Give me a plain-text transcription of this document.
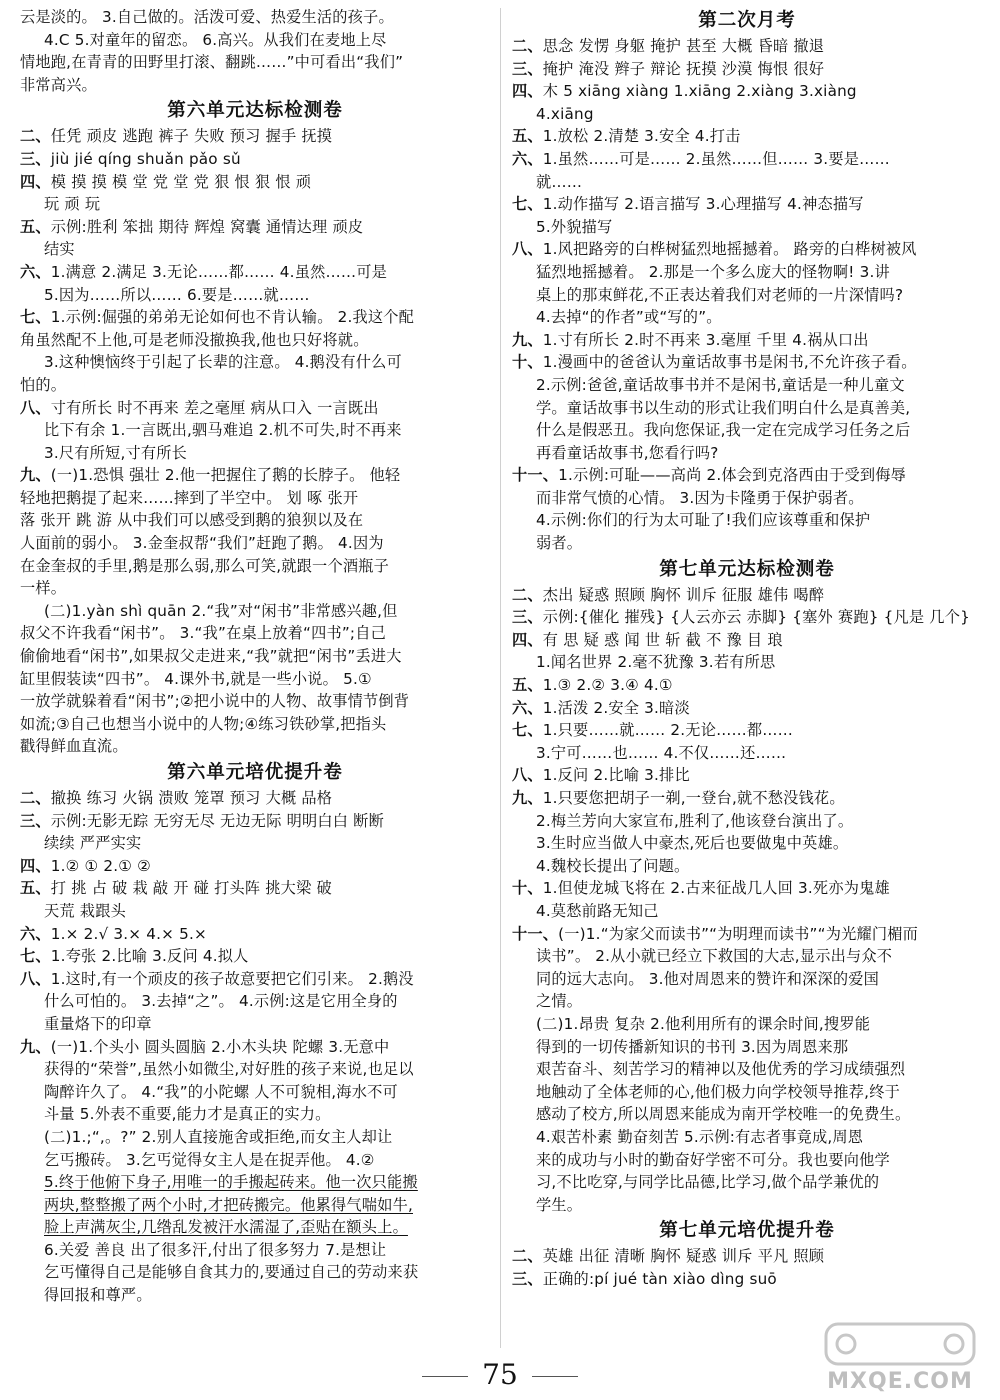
云是淡的。 3.自己做的。活泼可爱、热爱生活的孩子。
4.C 5.对童年的留恋。 6.高兴。从我们在麦地上尽
情地跑,在青青的田野里打滚、翻跳……”中可看出“我们”
非常高兴。
第六单元达标检测卷
二、任凭 顽皮 逃跑 裤子 失败 预习 握手 抚摸
三、jiù jié qíng shuǎn pǎo sǔ
四、模 摸 摸 模 堂 党 堂 党 狠 恨 狠 恨 顽
玩 顽 玩
五、示例:胜利 笨拙 期待 辉煌 窝囊 通情达理 顽皮
结实
六、1.满意 2.满足 3.无论……都…… 4.虽然……可是
5.因为……所以…… 6.要是……就……
七、1.示例:倔强的弟弟无论如何也不肯认输。 2.我这个配
角虽然配不上他,可是老师没撤换我,他也只好将就。
3.这种懊恼终于引起了长辈的注意。 4.鹅没有什么可
怕的。
八、寸有所长 时不再来 差之毫厘 病从口入 一言既出
比下有余 1.一言既出,驷马难追 2.机不可失,时不再来
3.尺有所短,寸有所长
九、(一)1.恐惧 强壮 2.他一把握住了鹅的长脖子。 他轻
轻地把鹅提了起来……摔到了半空中。 划 啄 张开
落 张开 跳 游 从中我们可以感受到鹅的狼狈以及在
人面前的弱小。 3.金奎叔帮“我们”赶跑了鹅。 4.因为
在金奎叔的手里,鹅是那么弱,那么可笑,就跟一个酒瓶子
一样。
(二)1.yàn shì quān 2.“我”对“闲书”非常感兴趣,但
叔父不许我看“闲书”。 3.“我”在桌上放着“四书”;自己
偷偷地看“闲书”,如果叔父走进来,“我”就把“闲书”丢进大
缸里假装读“四书”。 4.课外书,就是一些小说。 5.①
一放学就躲着看“闲书”;②把小说中的人物、故事情节倒背
如流;③自己也想当小说中的人物;④练习铁砂掌,把指头
戳得鲜血直流。
第六单元培优提升卷
二、撤换 练习 火锅 溃败 笼罩 预习 大概 品格
三、示例:无影无踪 无穷无尽 无边无际 明明白白 断断
续续 严严实实
四、1.② ① 2.① ②
五、打 挑 占 破 栽 敲 开 碰 打头阵 挑大梁 破
天荒 栽跟头
六、1.× 2.√ 3.× 4.× 5.×
七、1.夸张 2.比喻 3.反问 4.拟人
八、1.这时,有一个顽皮的孩子故意要把它们引来。 2.鹅没
什么可怕的。 3.去掉“之”。 4.示例:这是它用全身的
重量烙下的印章
九、(一)1.个头小 圆头圆脑 2.小木头块 陀螺 3.无意中
获得的“荣誉”,虽然小如微尘,对好胜的孩子来说,也足以
陶醉许久了。 4.“我”的小陀螺 人不可貌相,海水不可
斗量 5.外表不重要,能力才是真正的实力。
(二)1.;“,。?” 2.别人直接施舍或拒绝,而女主人却让
乞丐搬砖。 3.乞丐觉得女主人是在捉弄他。 4.②
5.终于他俯下身子,用唯一的手搬起砖来。他一次只能搬
两块,整整搬了两个小时,才把砖搬完。他累得气喘如牛,
脸上声满灰尘,几绺乱发被汗水濡湿了,歪贴在额头上。
6.关爱 善良 出了很多汗,付出了很多努力 7.是想让
乞丐懂得自己是能够自食其力的,要通过自己的劳动来获
得回报和尊严。
第二次月考
二、思念 发愣 身躯 掩护 甚至 大概 昏暗 撤退
三、掩护 淹没 辫子 辩论 抚摸 沙漠 悔恨 很好
四、木 5 xiāng xiàng 1.xiāng 2.xiàng 3.xiàng
4.xiāng
五、1.放松 2.清楚 3.安全 4.打击
六、1.虽然……可是…… 2.虽然……但…… 3.要是……
就……
七、1.动作描写 2.语言描写 3.心理描写 4.神态描写
5.外貌描写
八、1.风把路旁的白桦树猛烈地摇撼着。 路旁的白桦树被风
猛烈地摇撼着。 2.那是一个多么庞大的怪物啊! 3.讲
桌上的那束鲜花,不正表达着我们对老师的一片深情吗?
4.去掉“的作者”或“写的”。
九、1.寸有所长 2.时不再来 3.毫厘 千里 4.祸从口出
十、1.漫画中的爸爸认为童话故事书是闲书,不允许孩子看。
2.示例:爸爸,童话故事书并不是闲书,童话是一种儿童文
学。童话故事书以生动的形式让我们明白什么是真善美,
什么是假恶丑。我向您保证,我一定在完成学习任务之后
再看童话故事书,您看行吗?
十一、1.示例:可耻——高尚 2.体会到克洛西由于受到侮辱
而非常气愤的心情。 3.因为卡隆勇于保护弱者。
4.示例:你们的行为太可耻了!我们应该尊重和保护
弱者。
第七单元达标检测卷
二、杰出 疑惑 照顾 胸怀 训斥 征服 雄伟 喝醉
三、示例:{催化 摧残} {人云亦云 赤脚} {塞外 赛跑} {凡是 几个}
四、有 思 疑 惑 闻 世 斩 截 不 豫 目 琅
1.闻名世界 2.毫不犹豫 3.若有所思
五、1.③ 2.② 3.④ 4.①
六、1.活泼 2.安全 3.暗淡
七、1.只要……就…… 2.无论……都……
3.宁可……也…… 4.不仅……还……
八、1.反问 2.比喻 3.排比
九、1.只要您把胡子一剃,一登台,就不愁没钱花。
2.梅兰芳向大家宣布,胜利了,他该登台演出了。
3.生时应当做人中豪杰,死后也要做鬼中英雄。
4.魏校长提出了问题。
十、1.但使龙城飞将在 2.古来征战几人回 3.死亦为鬼雄
4.莫愁前路无知己
十一、(一)1.“为家父而读书”“为明理而读书”“为光耀门楣而
读书”。 2.从小就已经立下救国的大志,显示出与众不
同的远大志向。 3.他对周恩来的赞许和深深的爱国
之情。
(二)1.昂贵 复杂 2.他利用所有的课余时间,搜罗能
得到的一切传播新知识的书刊 3.因为周恩来那
艰苦奋斗、刻苦学习的精神以及他优秀的学习成绩强烈
地触动了全体老师的心,他们极力向学校领导推荐,终于
感动了校方,所以周恩来能成为南开学校唯一的免费生。
4.艰苦朴素 勤奋刻苦 5.示例:有志者事竟成,周恩
来的成功与小时的勤奋好学密不可分。我也要向他学
习,不比吃穿,与同学比品德,比学习,做个品学兼优的
学生。
第七单元培优提升卷
二、英雄 出征 清晰 胸怀 疑惑 训斥 平凡 照顾
三、正确的:pí jué tàn xiào dìng suō
75	MXQE.COM
